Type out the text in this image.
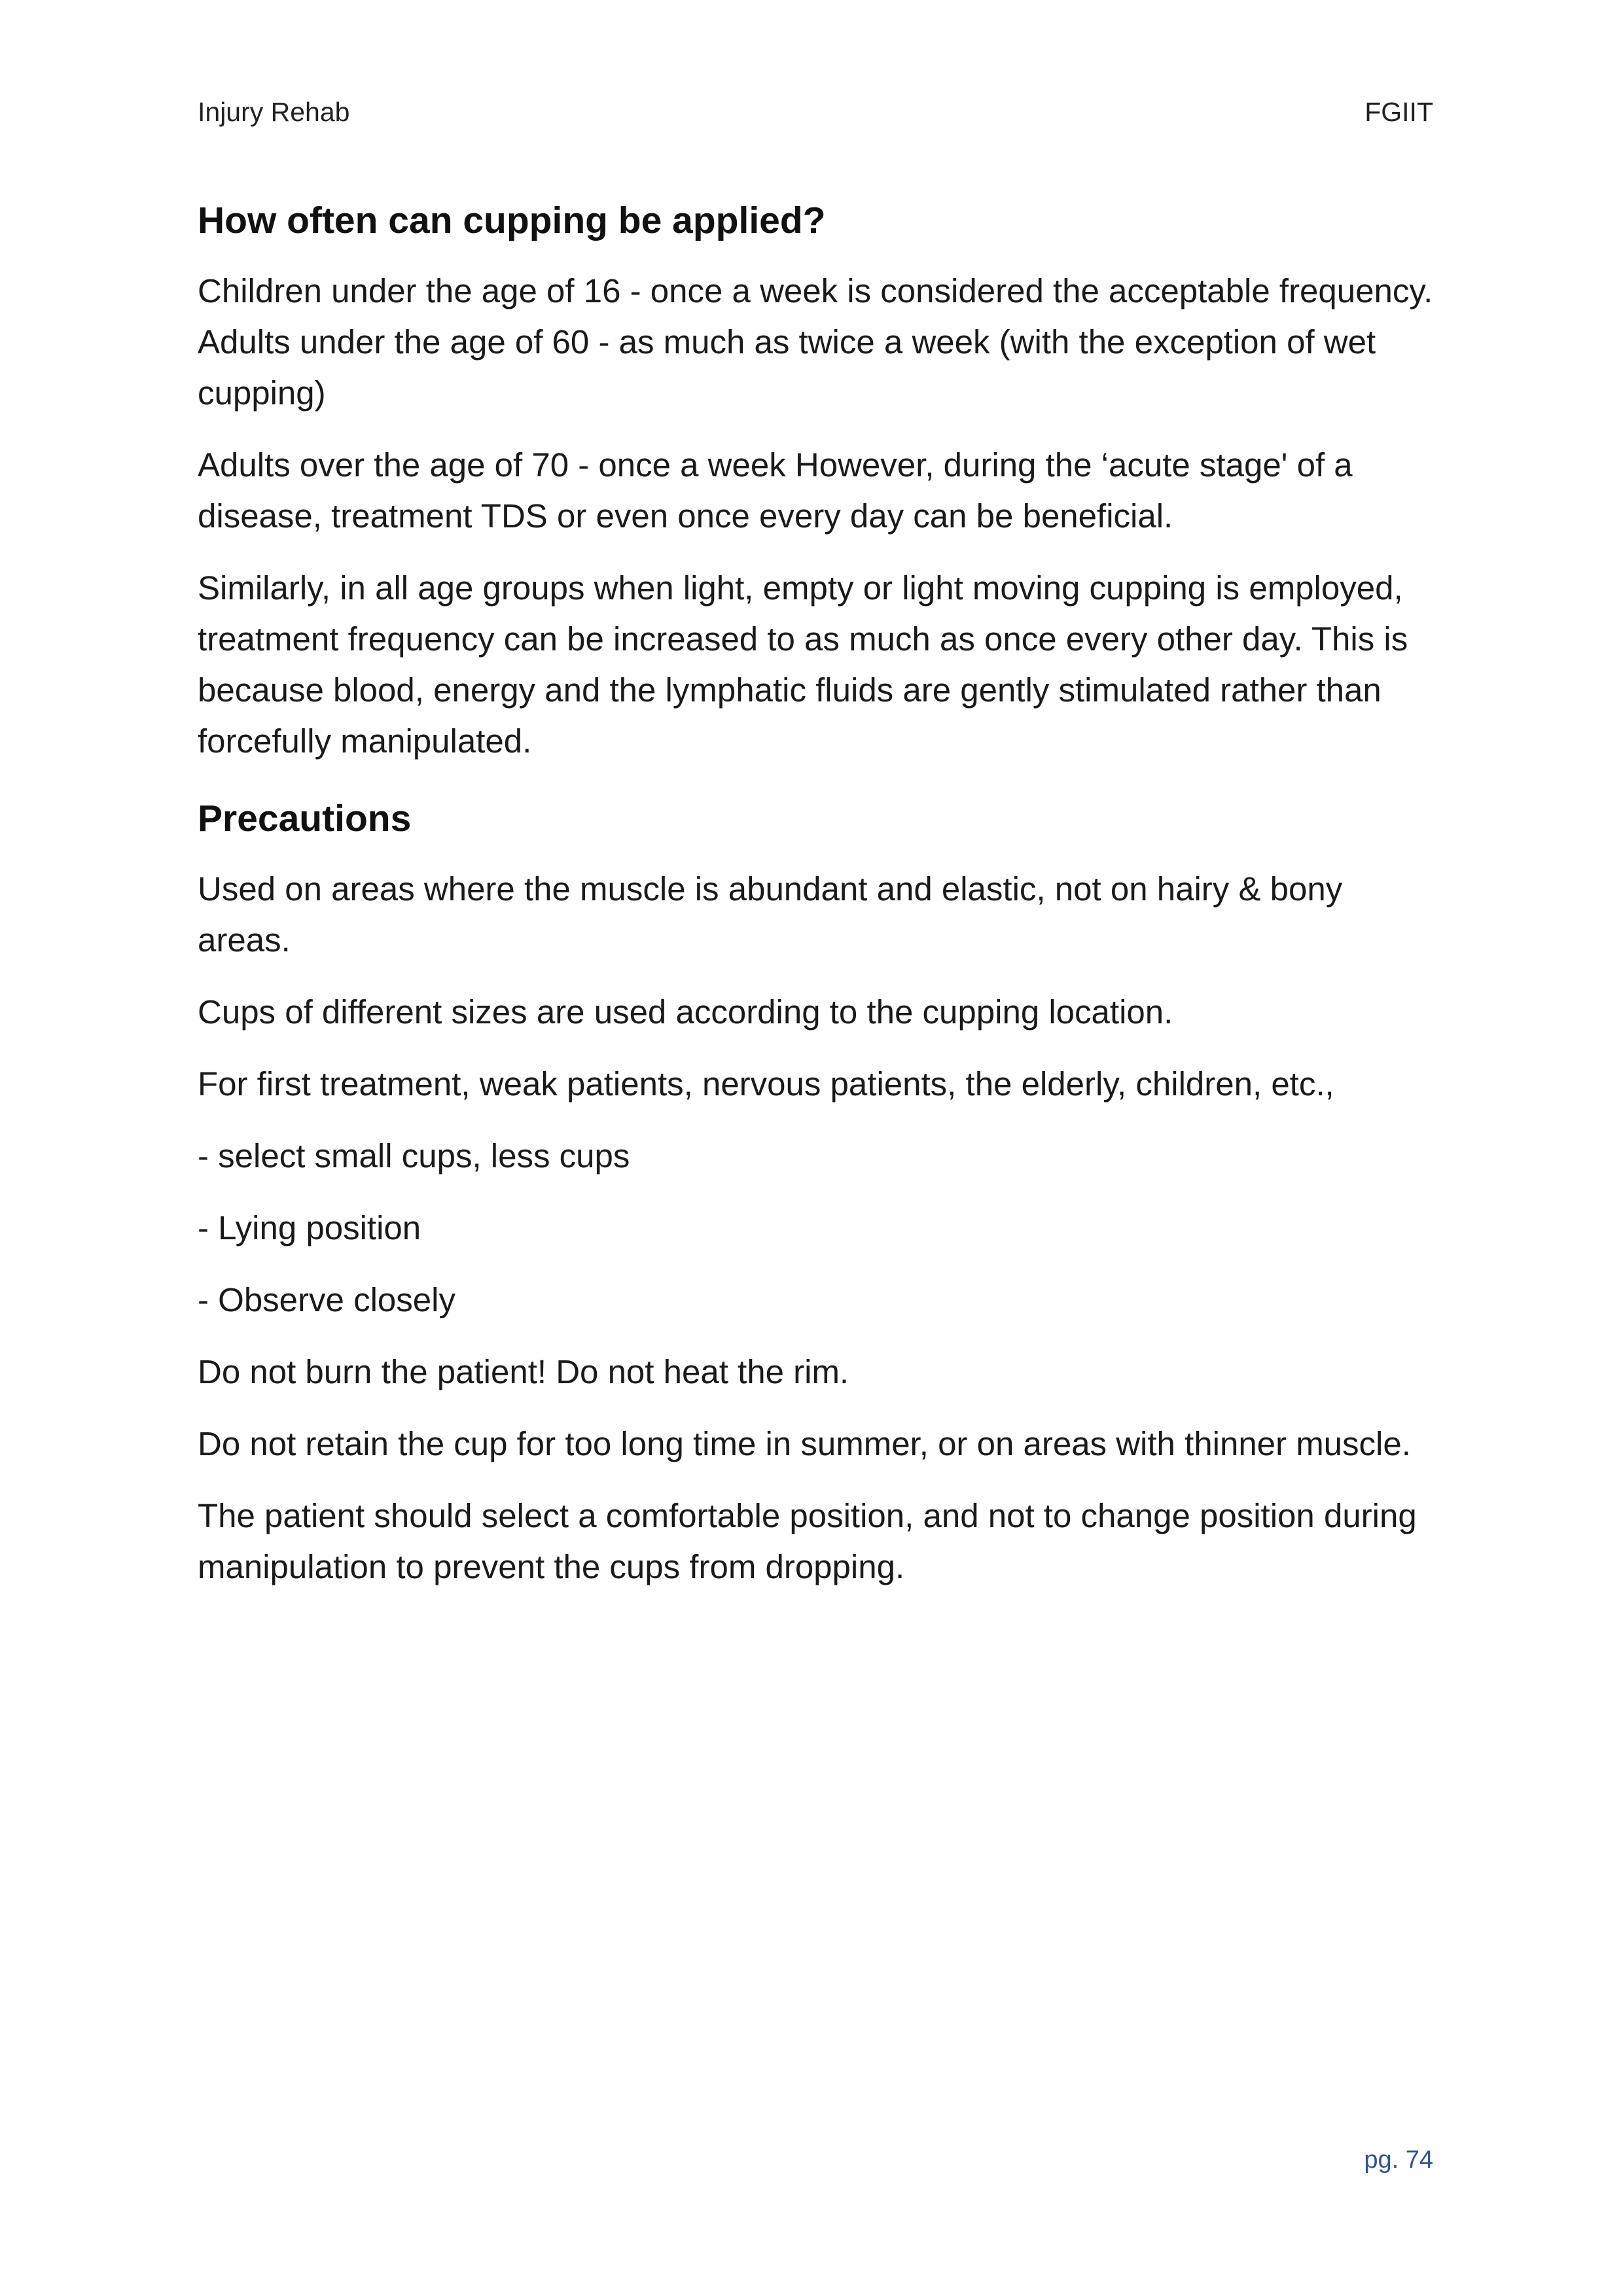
Injury Rehab	FGIIT
How often can cupping be applied?

Children under the age of 16 - once a week is considered the acceptable frequency. Adults under the age of 60 - as much as twice a week (with the exception of wet cupping)

Adults over the age of 70 - once a week However, during the ‘acute stage' of a disease, treatment TDS or even once every day can be beneficial.

Similarly, in all age groups when light, empty or light moving cupping is employed, treatment frequency can be increased to as much as once every other day. This is because blood, energy and the lymphatic fluids are gently stimulated rather than forcefully manipulated.

Precautions

Used on areas where the muscle is abundant and elastic, not on hairy & bony areas.

Cups of different sizes are used according to the cupping location.

For first treatment, weak patients, nervous patients, the elderly, children, etc.,

- select small cups, less cups

- Lying position

- Observe closely

Do not burn the patient! Do not heat the rim.

Do not retain the cup for too long time in summer, or on areas with thinner muscle.

The patient should select a comfortable position, and not to change position during manipulation to prevent the cups from dropping.

pg. 74
